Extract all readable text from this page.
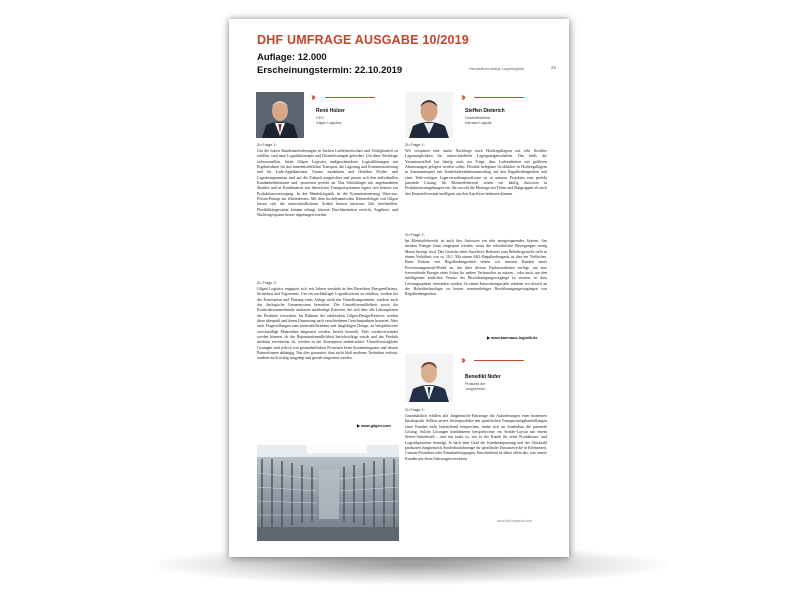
DHF UMFRAGE AUSGABE 10/2019
Auflage: 12.000
Erscheinungstermin: 22.10.2019	Herstellerumfrage Lagerlogistik	25
››
René Holzer
CEO
Gilgen Logistics
Zu Frage 1:
Um die hohen Kundenanforderungen in Sachen Lieferbereitschaft und Verfügbarkeit zu erfüllen, sind neue Logistikkonzepte und Dienstleistungen gefordert. Um diese Nachfrage sicherzustellen, bietet Gilgen Logistics maßgeschneiderte Logistiklösungen mit Ergebnisdaten für den innerbetrieblichen Transport, die Lagerung und Kommissionierung und für Lade-Applikationen. Unsere modularen und flexiblen Förder- und Lagerkomponenten sind auf die Zukunft ausgerichtet und passen sich den individuellen Kundenbedürfnissen und -prozessen perfekt an. Das Schichtlager mit angebundenen Shuttles und in Kombination mit fahrerlosen Transportsystemen eignet sich bestens zur Produktionsversorgung. In der Handelslogistik ist die Kommissionierung Ware-zur-Person-Prinzip am effizientesten. Mit dem hochdynamischen Kleinteilelager von Gilgen lassen sich die unterschiedlichsten Artikel binnen kürzester Zeit bereitstellen. Flexibilitätsgewinne können erlangt, kürzere Durchlaufzeiten erreicht, Angebots- und Nachfragespitzen besser abgefangen werden.
Zu Frage 2:
Gilgen Logistics engagiert sich seit Jahren verstärkt in den Bereichen Energieeffizienz, Sicherheit und Ergonomie. Um ein nachhaltiges Logistiksystem zu erhalten, werden bei der Konzeption und Planung einer Anlage nicht nur Einzelkomponenten, sondern auch das ökologische Gesamtsystem betrachtet. Die Umweltfreundlichkeit sowie die Konstruktionsmerkmale umfassen nachhaltige Kriterien, die sich über alle Lebensphasen der Produkte erstrecken. Im Rahmen der zahlreichen Gilgen-Design-Reviews werden diese überprüft und deren Umsetzung nach verschiedenen Gesichtspunkten bewertet. Aber auch Fragestellungen zum materialeffizienten und langlebigen Design, zu beispielsweise zweckmäßige Materialien eingesetzt werden, bereits beurteilt. Teile wiederverwendet werden können, ob die Reparaturfreundlichkeit berücksichtigt wurde und das Produkt modular erweiterbar ist, werden in der Konzeption mitbetrachtet. Umweltverträgliche Lösungen sind jedoch von gesamtheitlichen Prozessen beim Systemintegrator und dessen Partnerfirmen abhängig. Nur dies garantiert, dass nicht bloß moderne Techniken verbaut, sondern auch richtig ausgelegt und gezielt eingesetzt werden.
▶ www.gilgen.com
››
Steffen Dieterich
Geschäftsführer
Kärnaco Logistik
Zu Frage 1:
Wir verspüren eine starke Nachfrage nach Hochregallagern mit sehr flexibler Lagermöglichkeit für unterschiedliche Lagerguteigenschaften. Das heißt, die Variantenvielfalt hat häufig auch zur Folge, dass Ladeeinheiten mit größeren Abmessungen gelagert werden sollen. Flexibel belegbare Großfächer in Hochregallagern in Zusammenspiel mit Sonderladeeinheitenumschlag auf den Regalbediengeräten und einer Teile-wirtigen Lagerverwaltungssoftware ist in unseren Projekten eine perfekt passende Lösung. Im Kleinteilebereich setzen wir häufig Autostore in Produktionsumgebungen ein, die sowohl die Montage mit Teilen und Baugruppen als auch den Ersatzteilversand intelligent aus den AutoStore bedienen können.
Zu Frage 2:
Im Kleinteilebereich ist auch hier Autostore ein sehr energiesparendes System. Am meisten Energie kann eingespart werden, wenn die erforderliche Bewegungen wenig Masse bewegt wird. Das Gewicht eines AutoStore-Roboters zum Behältergewicht steht in einem Verhältnis von ca. 10:1. Mit einem AKL-Regalbediengerät ist dies ein Vielfaches. Beim Einsatz von Regalbediengeräten setzen wir unseren Kunden unser Powermanagement-Modul an, das über diverse Funktionalitäten verfügt, um eine freiwerdende Energie einer Achse für andere Verbraucher zu nutzen – oder auch, um den intelligenten zeitlichen Versatz der Beschleunigungsvorgänge zu steuern, so dass Leistungsspitzen vermieden werden. In einem Innovationsprojekt arbeiten wir derzeit an der Hybridtechnologie zu besten transientlebiges Beschleunigungsvorgängen von Regalbediengeräten.
▶ www.kaernaco-logistik.de
››
Benedikt Nufer
Prokurist der
Jungheinrich
Zu Frage 1:
Grundsätzlich erfüllen alle Jungheinrich-Fahrzeuge die Anforderungen einer modernen Intralogistik. Sollten unsere Serienprodukte den spezifischen Transportaufgabenstellungen eines Kunden nicht hinreichend entsprechen, findet sich im Sonderbau die passende Lösung. Solche Lösungen kombinieren beispielsweise ein Sonder-Layout mit einem Serien-Antriebsteil – und das exakt so, wie es der Kunde für seine Produktions- und Logistikprozesse benötigt. Je nach dem Grad der Kundenanpassung und der Stückzahl produziert Jungheinrich Sonderbaufahrzeuge für spezifische Einsatzzwecke in Kleinserien. Custom-Produkten oder Einzelanfertigungen. Entscheidend ist dabei allein das, was unsere Kunden mit ihren Fahrzeugen erreichen
www.dhf-magazin.com
